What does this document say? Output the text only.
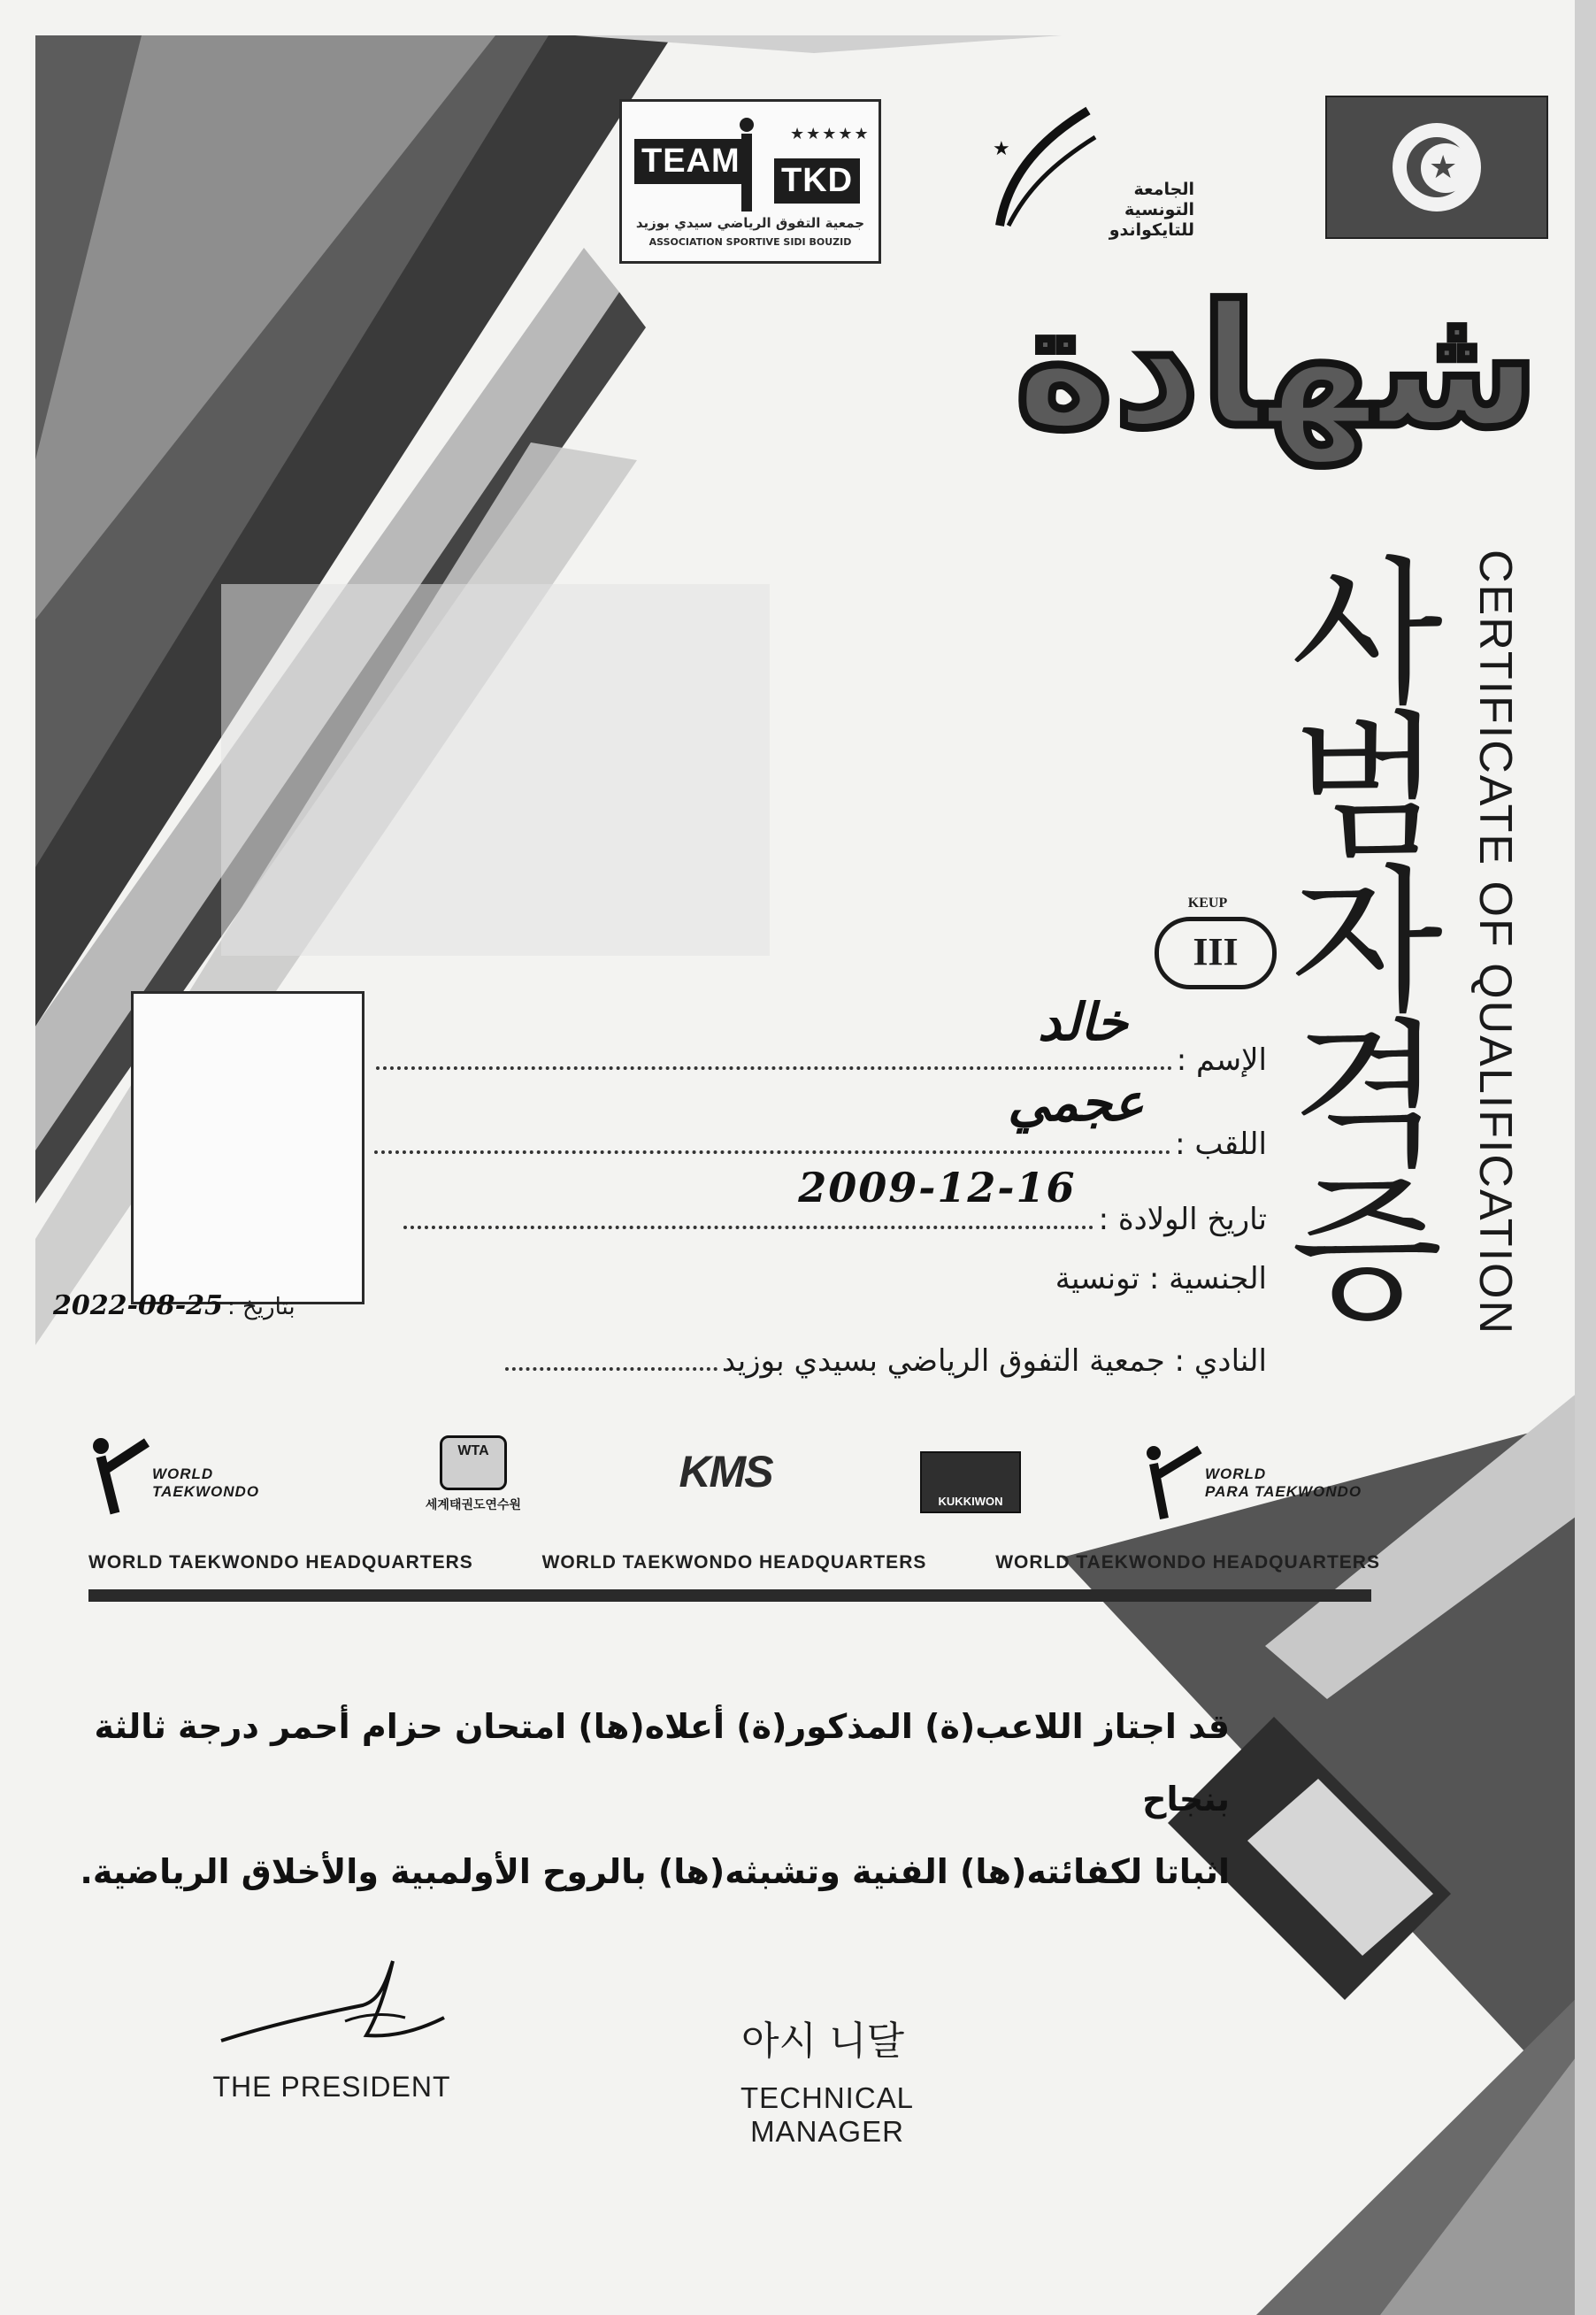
TEAM
★★★★★
TKD
جمعية التفوق الرياضي سيدي بوزيد
ASSOCIATION SPORTIVE SIDI BOUZID
★
الجامعة
التونسية
للتايكواندو
★
شهادة
사
범
자
격
증 CERTIFICATE OF QUALIFICATION
KEUP
III
الإسم :
خالد
اللقب :
عجمي
تاريخ الولادة :
2009-12-16
الجنسية : تونسية
النادي : جمعية التفوق الرياضي بسيدي بوزيد
بتاريخ : 2022-08-25
WORLD
TAEKWONDO
WTA
세계태권도연수원
KMS
KUKKIWON
WORLD
PARA TAEKWONDO
WORLD TAEKWONDO HEADQUARTERS	WORLD TAEKWONDO HEADQUARTERS	WORLD TAEKWONDO HEADQUARTERS
قد اجتاز اللاعب(ة) المذكور(ة) أعلاه(ها) امتحان حزام أحمر درجة ثالثة بنجاح
اثباتا لكفائته(ها) الفنية وتشبثه(ها) بالروح الأولمبية والأخلاق الرياضية.
THE PRESIDENT
아시 니달
TECHNICAL MANAGER
